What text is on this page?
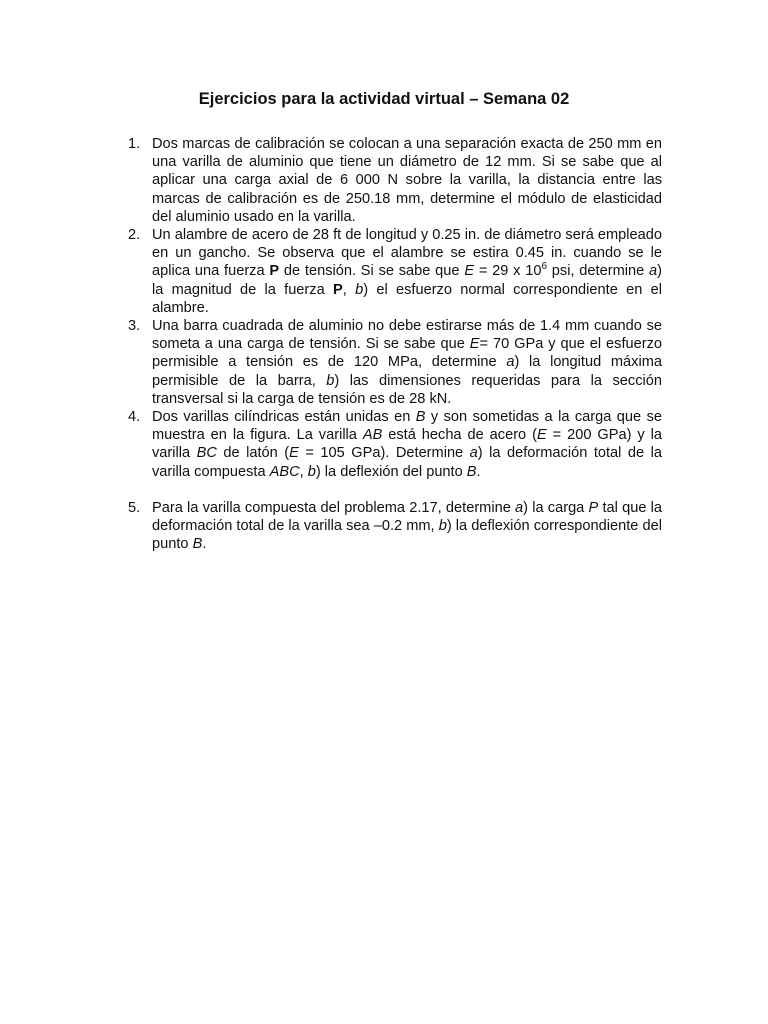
Ejercicios para la actividad virtual – Semana 02
1. Dos marcas de calibración se colocan a una separación exacta de 250 mm en una varilla de aluminio que tiene un diámetro de 12 mm. Si se sabe que al aplicar una carga axial de 6 000 N sobre la varilla, la distancia entre las marcas de calibración es de 250.18 mm, determine el módulo de elasticidad del aluminio usado en la varilla.
2. Un alambre de acero de 28 ft de longitud y 0.25 in. de diámetro será empleado en un gancho. Se observa que el alambre se estira 0.45 in. cuando se le aplica una fuerza P de tensión. Si se sabe que E = 29 x $10^6$ psi, determine a) la magnitud de la fuerza P, b) el esfuerzo normal correspondiente en el alambre.
3. Una barra cuadrada de aluminio no debe estirarse más de 1.4 mm cuando se someta a una carga de tensión. Si se sabe que E= 70 GPa y que el esfuerzo permisible a tensión es de 120 MPa, determine a) la longitud máxima permisible de la barra, b) las dimensiones requeridas para la sección transversal si la carga de tensión es de 28 kN.
4. Dos varillas cilíndricas están unidas en B y son sometidas a la carga que se muestra en la figura. La varilla AB está hecha de acero (E = 200 GPa) y la varilla BC de latón (E = 105 GPa). Determine a) la deformación total de la varilla compuesta ABC, b) la deflexión del punto B.
5. Para la varilla compuesta del problema 2.17, determine a) la carga P tal que la deformación total de la varilla sea –0.2 mm, b) la deflexión correspondiente del punto B.
